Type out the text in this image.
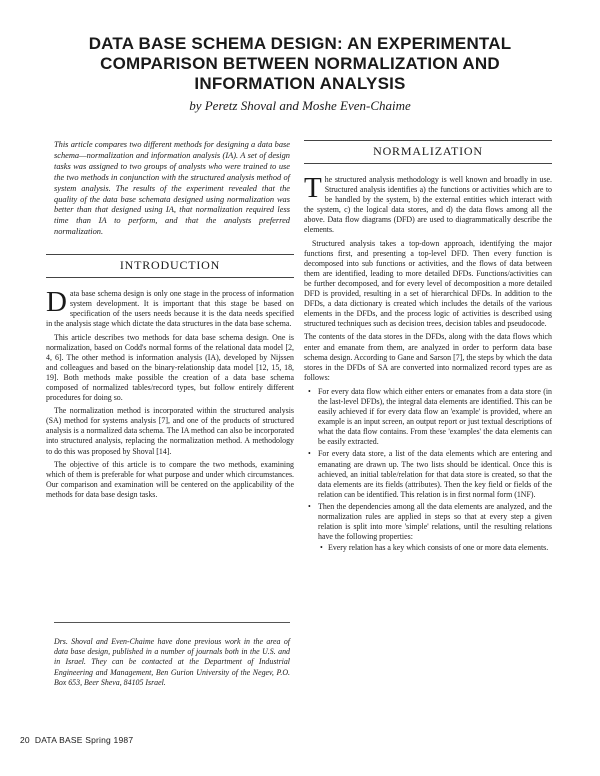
DATA BASE SCHEMA DESIGN: AN EXPERIMENTAL COMPARISON BETWEEN NORMALIZATION AND INFORMATION ANALYSIS
by Peretz Shoval and Moshe Even-Chaime

This article compares two different methods for designing a data base schema—normalization and information analysis (IA). A set of design tasks was assigned to two groups of analysts who were trained to use the two methods in conjunction with the structured analysis method of system analysis. The results of the experiment revealed that the quality of the data base schemata designed using normalization was better than that designed using IA, that normalization required less time than IA to perform, and that the analysts preferred normalization.

INTRODUCTION

Data base schema design is only one stage in the process of information system development. It is important that this stage be based on specification of the users needs because it is the data needs specified in the analysis stage which dictate the data structures in the data base schema.

This article describes two methods for data base schema design. One is normalization, based on Codd's normal forms of the relational data model [2, 4, 6]. The other method is information analysis (IA), developed by Nijssen and colleagues and based on the binary-relationship data model [12, 15, 18, 19]. Both methods make possible the creation of a data base schema composed of normalized tables/record types, but follow entirely different procedures for doing so.

The normalization method is incorporated within the structured analysis (SA) method for systems analysis [7], and one of the products of structured analysis is a normalized data schema. The IA method can also be incorporated into structured analysis, replacing the normalization method. A methodology to do this was proposed by Shoval [14].

The objective of this article is to compare the two methods, examining which of them is preferable for what purpose and under which circumstances. Our comparison and examination will be centered on the applicability of the methods for data base design tasks.

Drs. Shoval and Even-Chaime have done previous work in the area of data base design, published in a number of journals both in the U.S. and in Israel. They can be contacted at the Department of Industrial Engineering and Management, Ben Gurion University of the Negev, P.O. Box 653, Beer Sheva, 84105 Israel.
NORMALIZATION

The structured analysis methodology is well known and broadly in use. Structured analysis identifies a) the functions or activities which are to be handled by the system, b) the external entities which interact with the system, c) the logical data stores, and d) the data flows among all the above. Data flow diagrams (DFD) are used to diagrammatically describe the elements.

Structured analysis takes a top-down approach, identifying the major functions first, and presenting a top-level DFD. Then every function is decomposed into sub functions or activities, and the flows of data between them are identified, leading to more detailed DFDs. Functions/activities can be further decomposed, and for every level of decomposition a more detailed DFD is provided, resulting in a set of hierarchical DFDs. In addition to the DFDs, a data dictionary is created which includes the details of the various elements in the DFDs, and the process logic of activities is described using structured techniques such as decision trees, decision tables and pseudocode.

The contents of the data stores in the DFDs, along with the data flows which enter and emanate from them, are analyzed in order to perform data base schema design. According to Gane and Sarson [7], the steps by which the data stores in the DFDs of SA are converted into normalized record types are as follows:

• For every data flow which either enters or emanates from a data store (in the last-level DFDs), the integral data elements are identified. This can be easily achieved if for every data flow an 'example' is provided, where an example is an input screen, an output report or just textual descriptions of what the data flow contains. From these 'examples' the data elements can be easily extracted.
• For every data store, a list of the data elements which are entering and emanating are drawn up. The two lists should be identical. Once this is achieved, an initial table/relation for that data store is created, so that the data elements are its fields (attributes). Then the key field or fields of the relation can be identified. This relation is in first normal form (1NF).
• Then the dependencies among all the data elements are analyzed, and the normalization rules are applied in steps so that at every step a given relation is split into more 'simple' relations, until the resulting relations have the following properties:
• Every relation has a key which consists of one or more data elements.
20 DATA BASE Spring 1987
